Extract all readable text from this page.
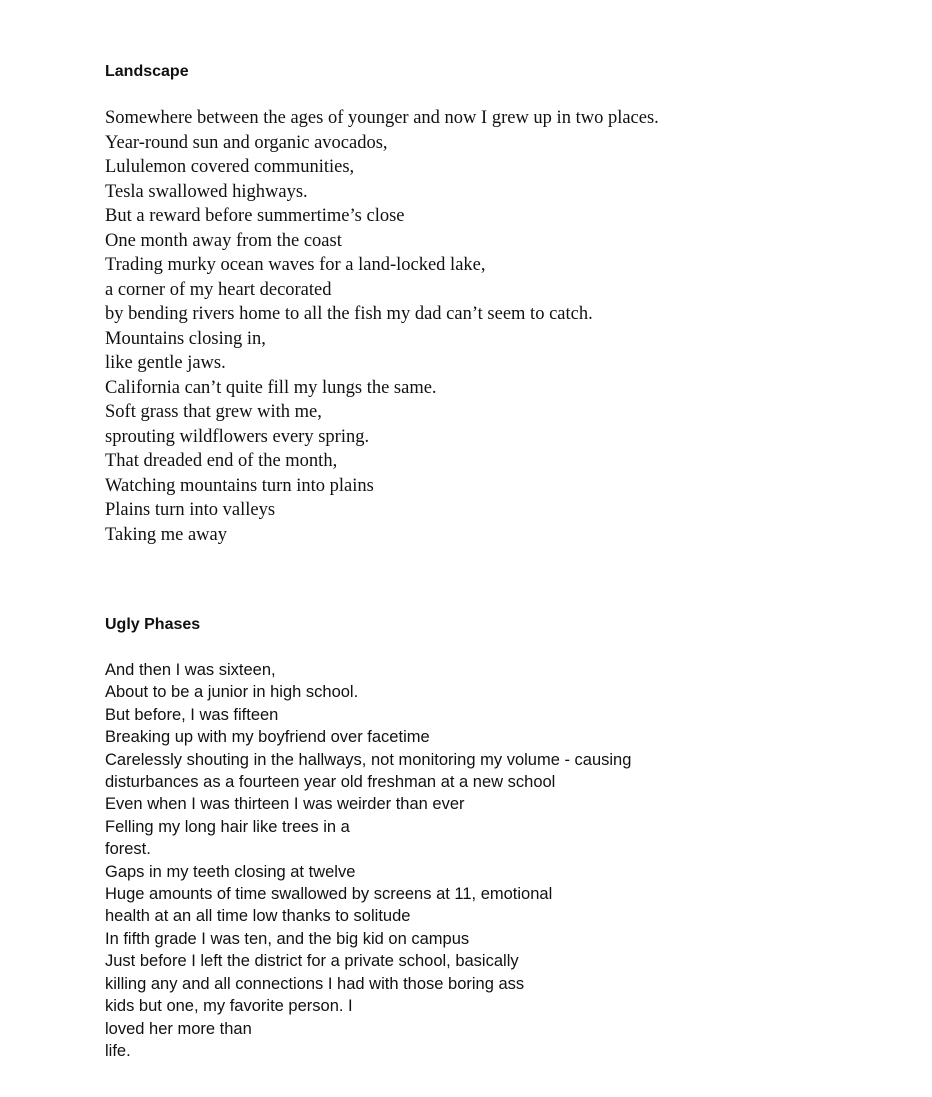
Landscape
Somewhere between the ages of younger and now I grew up in two places.
Year-round sun and organic avocados,
Lululemon covered communities,
Tesla swallowed highways.
But a reward before summertime’s close
One month away from the coast
Trading murky ocean waves for a land-locked lake,
a corner of my heart decorated
by bending rivers home to all the fish my dad can’t seem to catch.
Mountains closing in,
like gentle jaws.
California can’t quite fill my lungs the same.
Soft grass that grew with me,
sprouting wildflowers every spring.
That dreaded end of the month,
Watching mountains turn into plains
Plains turn into valleys
Taking me away
Ugly Phases
And then I was sixteen,
About to be a junior in high school.
But before, I was fifteen
Breaking up with my boyfriend over facetime
Carelessly shouting in the hallways, not monitoring my volume - causing
disturbances as a fourteen year old freshman at a new school
Even when I was thirteen I was weirder than ever
Felling my long hair like trees in a
forest.
Gaps in my teeth closing at twelve
Huge amounts of time swallowed by screens at 11, emotional
health at an all time low thanks to solitude
In fifth grade I was ten, and the big kid on campus
Just before I left the district for a private school, basically
killing any and all connections I had with those boring ass
kids but one, my favorite person. I
loved her more than
life.
